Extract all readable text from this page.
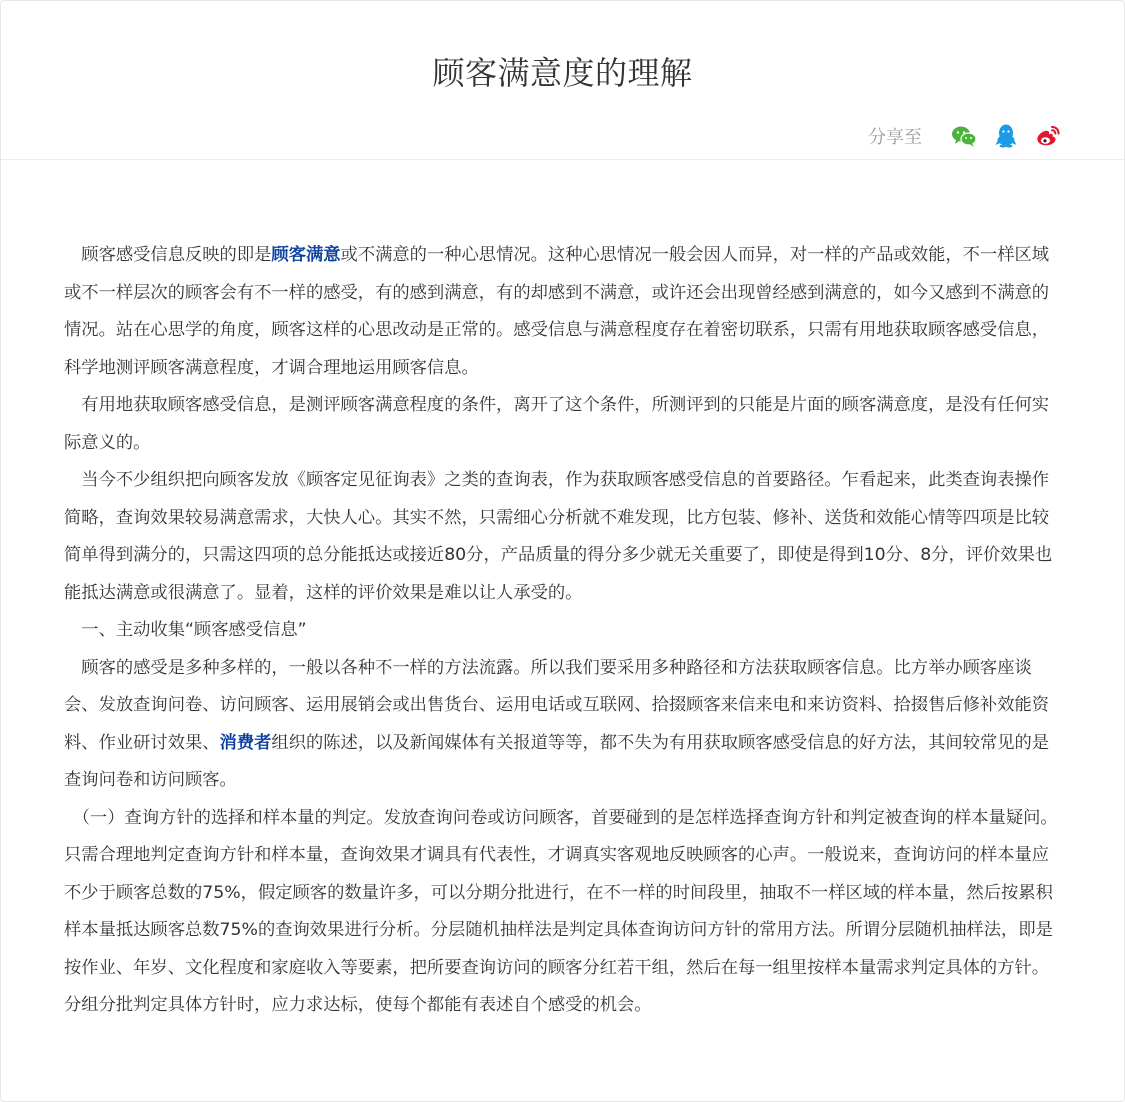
顾客满意度的理解
分享至

　顾客感受信息反映的即是顾客满意或不满意的一种心思情况。这种心思情况一般会因人而异，对一样的产品或效能，不一样区域或不一样层次的顾客会有不一样的感受，有的感到满意，有的却感到不满意，或许还会出现曾经感到满意的，如今又感到不满意的情况。站在心思学的角度，顾客这样的心思改动是正常的。感受信息与满意程度存在着密切联系，只需有用地获取顾客感受信息，科学地测评顾客满意程度，才调合理地运用顾客信息。

　有用地获取顾客感受信息，是测评顾客满意程度的条件，离开了这个条件，所测评到的只能是片面的顾客满意度，是没有任何实际意义的。

　当今不少组织把向顾客发放《顾客定见征询表》之类的查询表，作为获取顾客感受信息的首要路径。乍看起来，此类查询表操作简略，查询效果较易满意需求，大快人心。其实不然，只需细心分析就不难发现，比方包装、修补、送货和效能心情等四项是比较简单得到满分的，只需这四项的总分能抵达或接近80分，产品质量的得分多少就无关重要了，即使是得到10分、8分，评价效果也能抵达满意或很满意了。显着，这样的评价效果是难以让人承受的。

　一、主动收集“顾客感受信息”

　顾客的感受是多种多样的，一般以各种不一样的方法流露。所以我们要采用多种路径和方法获取顾客信息。比方举办顾客座谈会、发放查询问卷、访问顾客、运用展销会或出售货台、运用电话或互联网、拾掇顾客来信来电和来访资料、拾掇售后修补效能资料、作业研讨效果、消费者组织的陈述，以及新闻媒体有关报道等等，都不失为有用获取顾客感受信息的好方法，其间较常见的是查询问卷和访问顾客。

　（一）查询方针的选择和样本量的判定。发放查询问卷或访问顾客，首要碰到的是怎样选择查询方针和判定被查询的样本量疑问。只需合理地判定查询方针和样本量，查询效果才调具有代表性，才调真实客观地反映顾客的心声。一般说来，查询访问的样本量应不少于顾客总数的75%，假定顾客的数量许多，可以分期分批进行，在不一样的时间段里，抽取不一样区域的样本量，然后按累积样本量抵达顾客总数75%的查询效果进行分析。分层随机抽样法是判定具体查询访问方针的常用方法。所谓分层随机抽样法，即是按作业、年岁、文化程度和家庭收入等要素，把所要查询访问的顾客分红若干组，然后在每一组里按样本量需求判定具体的方针。分组分批判定具体方针时，应力求达标，使每个都能有表述自个感受的机会。
